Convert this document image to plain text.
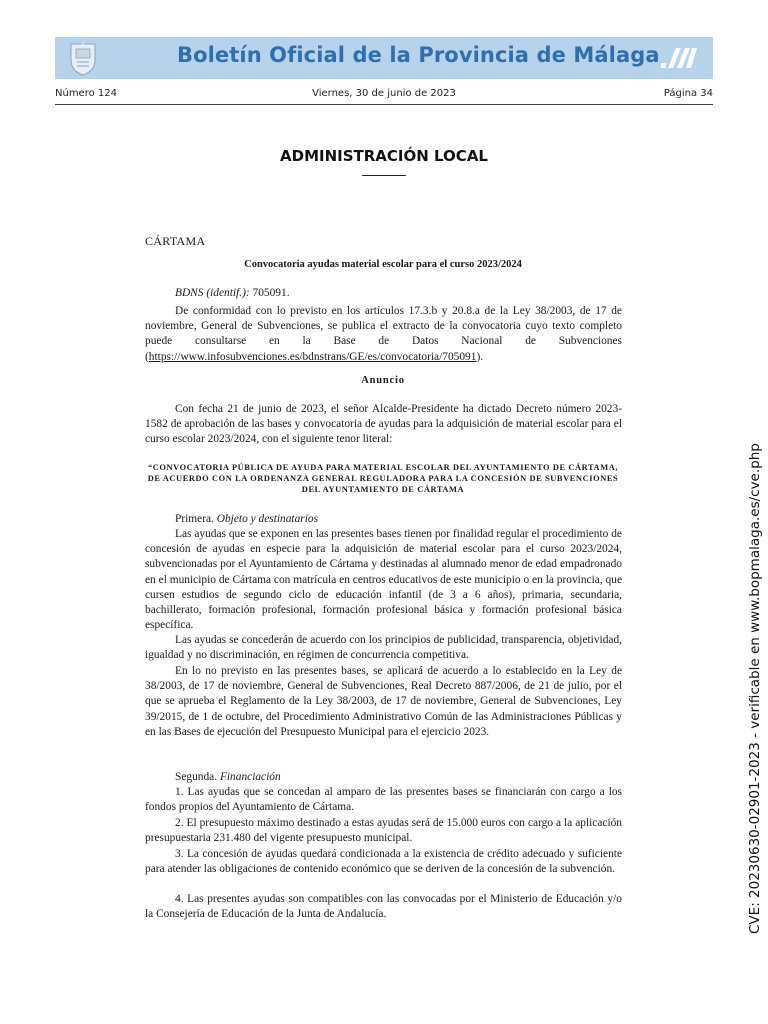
Boletín Oficial de la Provincia de Málaga
Número 124	Viernes, 30 de junio de 2023	Página 34
ADMINISTRACIÓN LOCAL
CÁRTAMA
Convocatoria ayudas material escolar para el curso 2023/2024

BDNS (identif.): 705091.

De conformidad con lo previsto en los artículos 17.3.b y 20.8.a de la Ley 38/2003, de 17 de noviembre, General de Subvenciones, se publica el extracto de la convocatoria cuyo texto completo puede consultarse en la Base de Datos Nacional de Subvenciones (https://www.infosubvenciones.es/bdnstrans/GE/es/convocatoria/705091).

Anuncio

Con fecha 21 de junio de 2023, el señor Alcalde-Presidente ha dictado Decreto número 2023-1582 de aprobación de las bases y convocatoria de ayudas para la adquisición de material escolar para el curso escolar 2023/2024, con el siguiente tenor literal:

“CONVOCATORIA PÚBLICA DE AYUDA PARA MATERIAL ESCOLAR DEL AYUNTAMIENTO DE CÁRTAMA, DE ACUERDO CON LA ORDENANZA GENERAL REGULADORA PARA LA CONCESIÓN DE SUBVENCIONES DEL AYUNTAMIENTO DE CÁRTAMA

Primera. Objeto y destinatarios

Las ayudas que se exponen en las presentes bases tienen por finalidad regular el procedimiento de concesión de ayudas en especie para la adquisición de material escolar para el curso 2023/2024, subvencionadas por el Ayuntamiento de Cártama y destinadas al alumnado menor de edad empadronado en el municipio de Cártama con matrícula en centros educativos de este municipio o en la provincia, que cursen estudios de segundo ciclo de educación infantil (de 3 a 6 años), primaria, secundaria, bachillerato, formación profesional, formación profesional básica y formación profesional básica específica.

Las ayudas se concederán de acuerdo con los principios de publicidad, transparencia, objetividad, igualdad y no discriminación, en régimen de concurrencia competitiva.

En lo no previsto en las presentes bases, se aplicará de acuerdo a lo establecido en la Ley de 38/2003, de 17 de noviembre, General de Subvenciones, Real Decreto 887/2006, de 21 de julio, por el que se aprueba el Reglamento de la Ley 38/2003, de 17 de noviembre, General de Subvenciones, Ley 39/2015, de 1 de octubre, del Procedimiento Administrativo Común de las Administraciones Públicas y en las Bases de ejecución del Presupuesto Municipal para el ejercicio 2023.

Segunda. Financiación

1. Las ayudas que se concedan al amparo de las presentes bases se financiarán con cargo a los fondos propios del Ayuntamiento de Cártama.

2. El presupuesto máximo destinado a estas ayudas será de 15.000 euros con cargo a la aplicación presupuestaria 231.480 del vigente presupuesto municipal.

3. La concesión de ayudas quedará condicionada a la existencia de crédito adecuado y suficiente para atender las obligaciones de contenido económico que se deriven de la concesión de la subvención.

4. Las presentes ayudas son compatibles con las convocadas por el Ministerio de Educación y/o la Consejería de Educación de la Junta de Andalucía.	CVE: 20230630-02901-2023 - verificable en www.bopmalaga.es/cve.php
